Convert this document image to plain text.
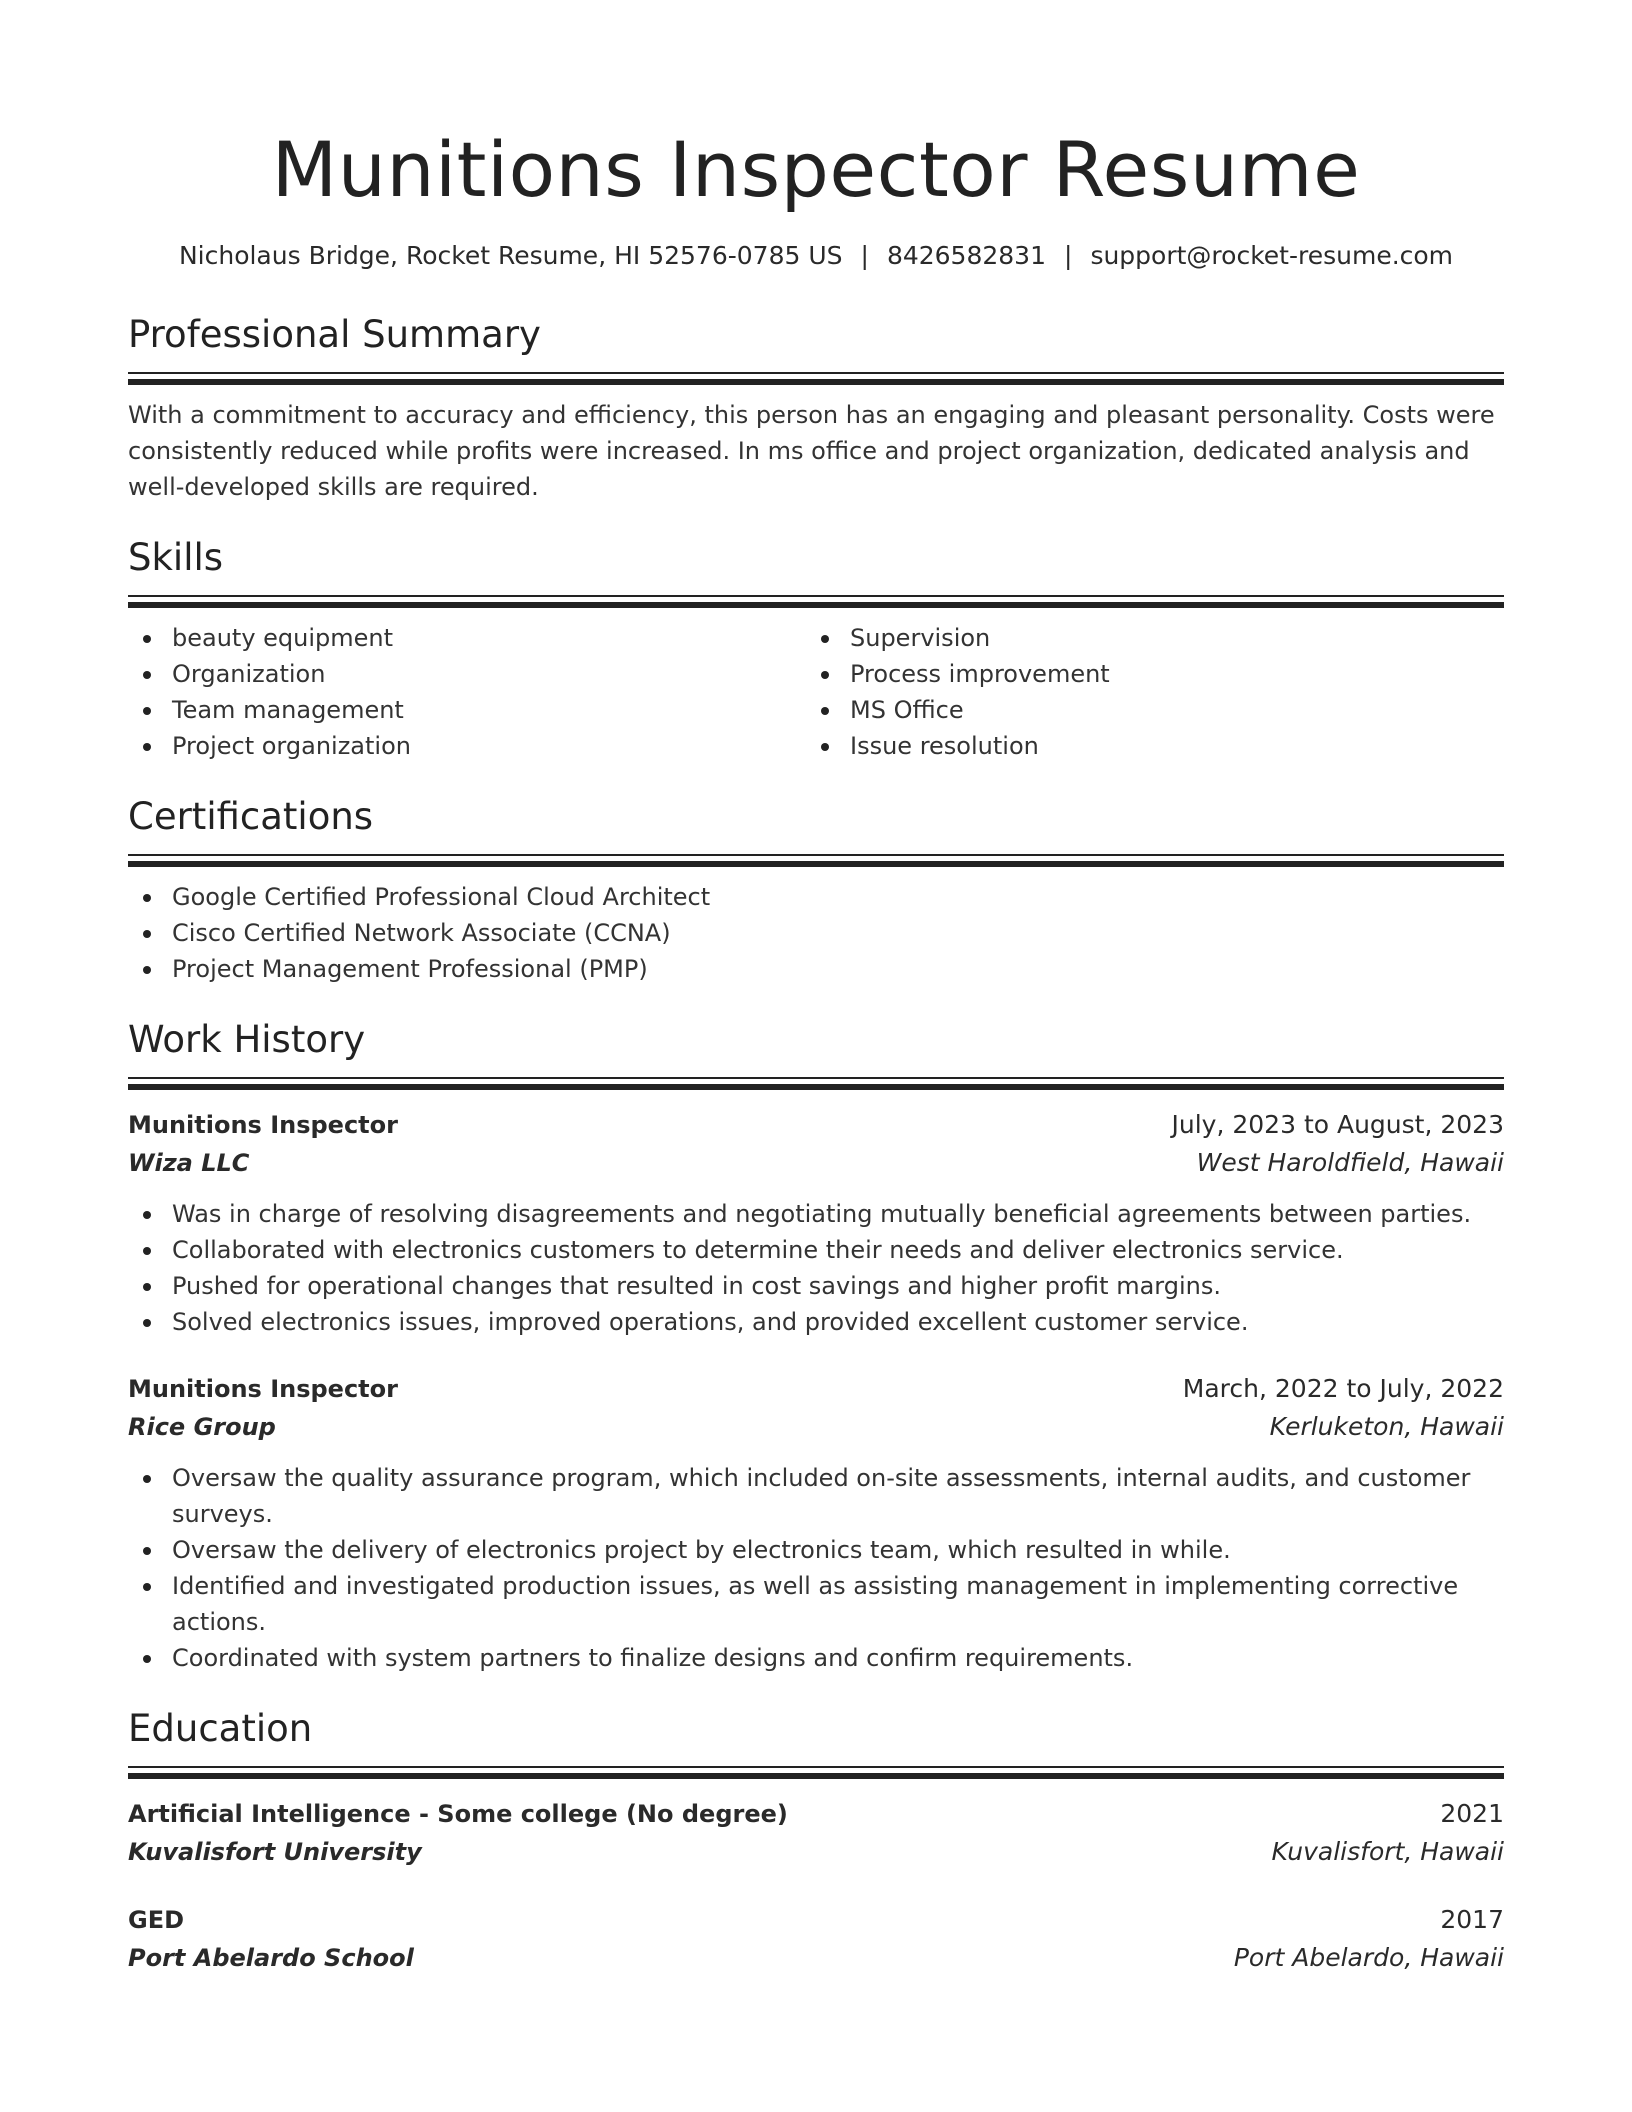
Munitions Inspector Resume
Nicholaus Bridge, Rocket Resume, HI 52576-0785 US | 8426582831 | support@rocket-resume.com
Professional Summary

With a commitment to accuracy and efficiency, this person has an engaging and pleasant personality. Costs were consistently reduced while profits were increased. In ms office and project organization, dedicated analysis and well-developed skills are required.

Skills
beauty equipment
Organization
Team management
Project organization
Supervision
Process improvement
MS Office
Issue resolution
Certifications
Google Certified Professional Cloud Architect
Cisco Certified Network Associate (CCNA)
Project Management Professional (PMP)
Work History
Munitions Inspector	July, 2023 to August, 2023
Wiza LLC	West Haroldfield, Hawaii
Was in charge of resolving disagreements and negotiating mutually beneficial agreements between parties.
Collaborated with electronics customers to determine their needs and deliver electronics service.
Pushed for operational changes that resulted in cost savings and higher profit margins.
Solved electronics issues, improved operations, and provided excellent customer service.
Munitions Inspector	March, 2022 to July, 2022
Rice Group	Kerluketon, Hawaii
Oversaw the quality assurance program, which included on-site assessments, internal audits, and customer surveys.
Oversaw the delivery of electronics project by electronics team, which resulted in while.
Identified and investigated production issues, as well as assisting management in implementing corrective actions.
Coordinated with system partners to finalize designs and confirm requirements.
Education
Artificial Intelligence - Some college (No degree)	2021
Kuvalisfort University	Kuvalisfort, Hawaii
GED	2017
Port Abelardo School	Port Abelardo, Hawaii
